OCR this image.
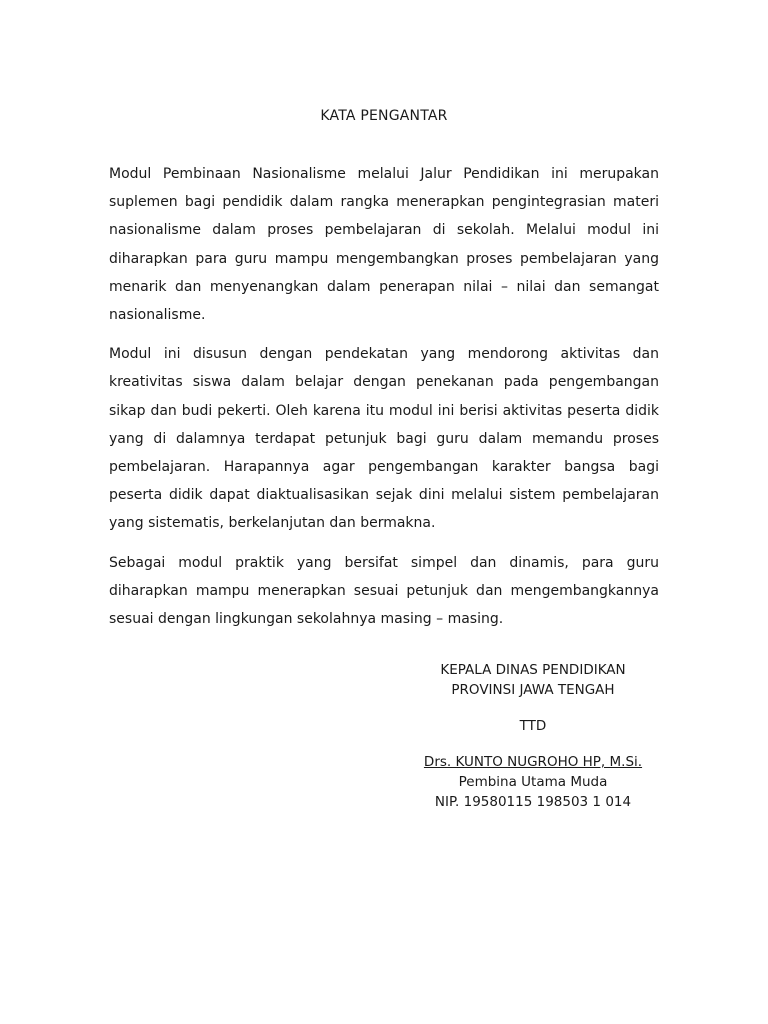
KATA PENGANTAR

Modul Pembinaan Nasionalisme melalui Jalur Pendidikan ini merupakan suplemen bagi pendidik dalam rangka menerapkan pengintegrasian materi nasionalisme dalam proses pembelajaran di sekolah. Melalui modul ini diharapkan para guru mampu mengembangkan proses pembelajaran yang menarik dan menyenangkan dalam penerapan nilai – nilai dan semangat nasionalisme.

Modul ini disusun dengan pendekatan yang mendorong aktivitas dan kreativitas siswa dalam belajar dengan penekanan pada pengembangan sikap dan budi pekerti. Oleh karena itu modul ini berisi aktivitas peserta didik yang di dalamnya terdapat petunjuk bagi guru dalam memandu proses pembelajaran. Harapannya agar pengembangan karakter bangsa bagi peserta didik dapat diaktualisasikan sejak dini melalui sistem pembelajaran yang sistematis, berkelanjutan dan bermakna.

Sebagai modul praktik yang bersifat simpel dan dinamis, para guru diharapkan mampu menerapkan sesuai petunjuk dan mengembangkannya sesuai dengan lingkungan sekolahnya masing – masing.

KEPALA DINAS PENDIDIKAN
PROVINSI JAWA TENGAH
TTD
Drs. KUNTO NUGROHO HP, M.Si.
Pembina Utama Muda
NIP. 19580115 198503 1 014
